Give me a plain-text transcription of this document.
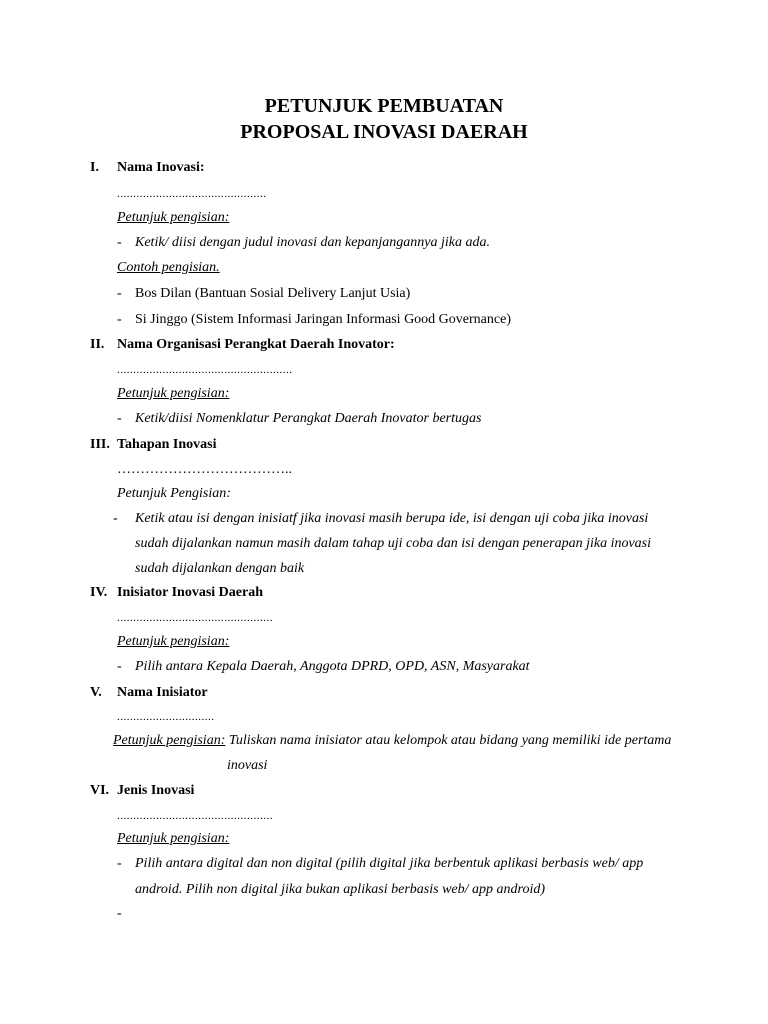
PETUNJUK PEMBUATAN
PROPOSAL INOVASI DAERAH
I. Nama Inovasi:
..............................................
Petunjuk pengisian:
- Ketik/ diisi dengan judul inovasi dan kepanjangannya jika ada.
Contoh pengisian.
- Bos Dilan (Bantuan Sosial Delivery Lanjut Usia)
- Si Jinggo (Sistem Informasi Jaringan Informasi Good Governance)
II. Nama Organisasi Perangkat Daerah Inovator:
......................................................
Petunjuk pengisian:
- Ketik/diisi Nomenklatur Perangkat Daerah Inovator bertugas
III. Tahapan Inovasi
………………………………..
Petunjuk Pengisian:
- Ketik atau isi dengan inisiatf jika inovasi masih berupa ide, isi dengan uji coba jika inovasi
sudah dijalankan namun masih dalam tahap uji coba dan isi dengan penerapan jika inovasi
sudah dijalankan dengan baik
IV. Inisiator Inovasi Daerah
................................................
Petunjuk pengisian:
- Pilih antara Kepala Daerah, Anggota DPRD, OPD, ASN, Masyarakat
V. Nama Inisiator
..............................
Petunjuk pengisian: Tuliskan nama inisiator atau kelompok atau bidang yang memiliki ide pertama
inovasi
VI. Jenis Inovasi
................................................
Petunjuk pengisian:
- Pilih antara digital dan non digital (pilih digital jika berbentuk aplikasi berbasis web/ app
android. Pilih non digital jika bukan aplikasi berbasis web/ app android)
-
